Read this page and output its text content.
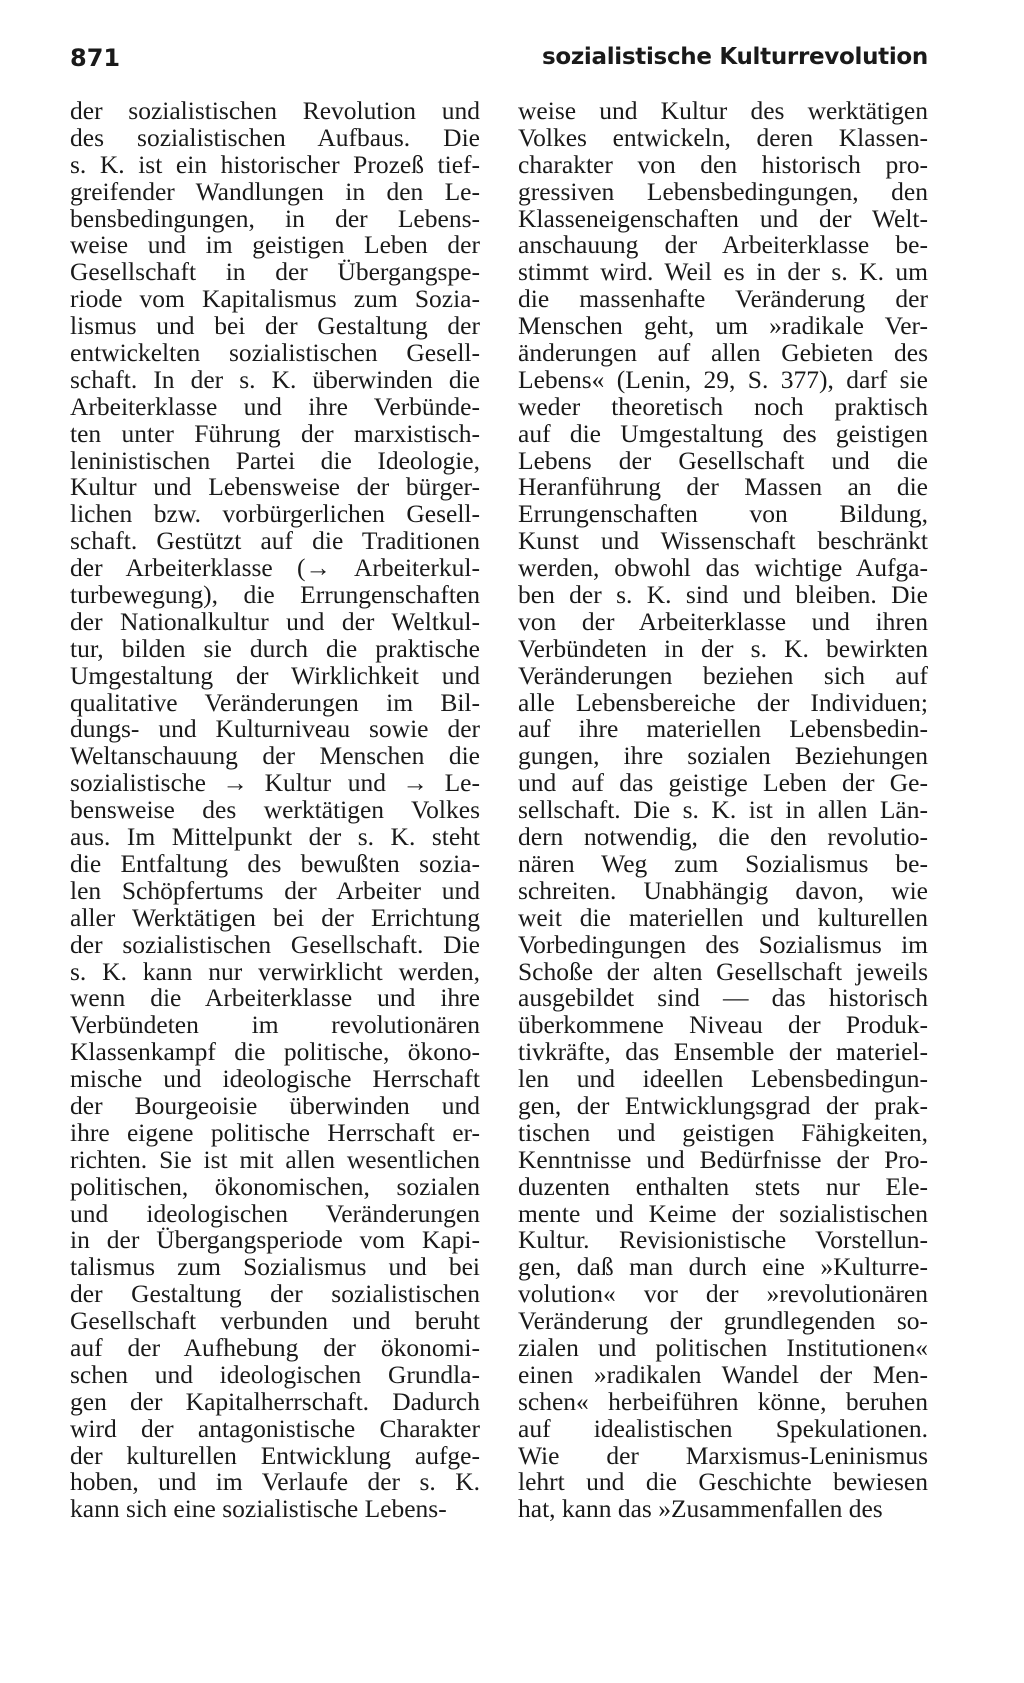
871	sozialistische Kulturrevolution
der sozialistischen Revolution und
des sozialistischen Aufbaus. Die
s. K. ist ein historischer Prozeß tief-
greifender Wandlungen in den Le-
bensbedingungen, in der Lebens-
weise und im geistigen Leben der
Gesellschaft in der Übergangspe-
riode vom Kapitalismus zum Sozia-
lismus und bei der Gestaltung der
entwickelten sozialistischen Gesell-
schaft. In der s. K. überwinden die
Arbeiterklasse und ihre Verbünde-
ten unter Führung der marxistisch-
leninistischen Partei die Ideologie,
Kultur und Lebensweise der bürger-
lichen bzw. vorbürgerlichen Gesell-
schaft. Gestützt auf die Traditionen
der Arbeiterklasse (→ Arbeiterkul-
turbewegung), die Errungenschaften
der Nationalkultur und der Weltkul-
tur, bilden sie durch die praktische
Umgestaltung der Wirklichkeit und
qualitative Veränderungen im Bil-
dungs- und Kulturniveau sowie der
Weltanschauung der Menschen die
sozialistische → Kultur und → Le-
bensweise des werktätigen Volkes
aus. Im Mittelpunkt der s. K. steht
die Entfaltung des bewußten sozia-
len Schöpfertums der Arbeiter und
aller Werktätigen bei der Errichtung
der sozialistischen Gesellschaft. Die
s. K. kann nur verwirklicht werden,
wenn die Arbeiterklasse und ihre
Verbündeten im revolutionären
Klassenkampf die politische, ökono-
mische und ideologische Herrschaft
der Bourgeoisie überwinden und
ihre eigene politische Herrschaft er-
richten. Sie ist mit allen wesentlichen
politischen, ökonomischen, sozialen
und ideologischen Veränderungen
in der Übergangsperiode vom Kapi-
talismus zum Sozialismus und bei
der Gestaltung der sozialistischen
Gesellschaft verbunden und beruht
auf der Aufhebung der ökonomi-
schen und ideologischen Grundla-
gen der Kapitalherrschaft. Dadurch
wird der antagonistische Charakter
der kulturellen Entwicklung aufge-
hoben, und im Verlaufe der s. K.
kann sich eine sozialistische Lebens-
weise und Kultur des werktätigen
Volkes entwickeln, deren Klassen-
charakter von den historisch pro-
gressiven Lebensbedingungen, den
Klasseneigenschaften und der Welt-
anschauung der Arbeiterklasse be-
stimmt wird. Weil es in der s. K. um
die massenhafte Veränderung der
Menschen geht, um »radikale Ver-
änderungen auf allen Gebieten des
Lebens« (Lenin, 29, S. 377), darf sie
weder theoretisch noch praktisch
auf die Umgestaltung des geistigen
Lebens der Gesellschaft und die
Heranführung der Massen an die
Errungenschaften von Bildung,
Kunst und Wissenschaft beschränkt
werden, obwohl das wichtige Aufga-
ben der s. K. sind und bleiben. Die
von der Arbeiterklasse und ihren
Verbündeten in der s. K. bewirkten
Veränderungen beziehen sich auf
alle Lebensbereiche der Individuen;
auf ihre materiellen Lebensbedin-
gungen, ihre sozialen Beziehungen
und auf das geistige Leben der Ge-
sellschaft. Die s. K. ist in allen Län-
dern notwendig, die den revolutio-
nären Weg zum Sozialismus be-
schreiten. Unabhängig davon, wie
weit die materiellen und kulturellen
Vorbedingungen des Sozialismus im
Schoße der alten Gesellschaft jeweils
ausgebildet sind — das historisch
überkommene Niveau der Produk-
tivkräfte, das Ensemble der materiel-
len und ideellen Lebensbedingun-
gen, der Entwicklungsgrad der prak-
tischen und geistigen Fähigkeiten,
Kenntnisse und Bedürfnisse der Pro-
duzenten enthalten stets nur Ele-
mente und Keime der sozialistischen
Kultur. Revisionistische Vorstellun-
gen, daß man durch eine »Kulturre-
volution« vor der »revolutionären
Veränderung der grundlegenden so-
zialen und politischen Institutionen«
einen »radikalen Wandel der Men-
schen« herbeiführen könne, beruhen
auf idealistischen Spekulationen.
Wie der Marxismus-Leninismus
lehrt und die Geschichte bewiesen
hat, kann das »Zusammenfallen des
